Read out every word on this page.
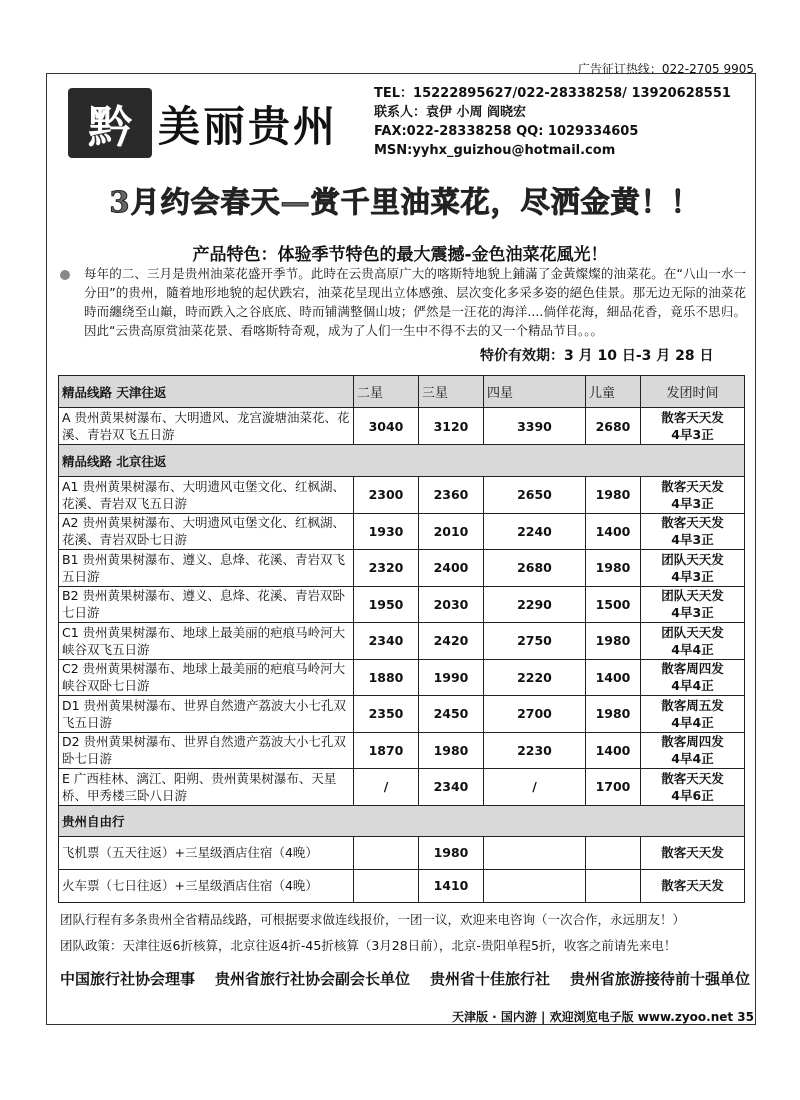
广告征订热线：022-2705 9905
黔 美丽贵州
TEL：15222895627/022-28338258/ 13920628551
联系人：袁伊 小周 阎晓宏
FAX:022-28338258 QQ: 1029334605
MSN:yyhx_guizhou@hotmail.com
3月约会春天—赏千里油菜花，尽洒金黄！！
产品特色：体验季节特色的最大震撼-金色油菜花風光！
每年的二、三月是贵州油菜花盛开季节。此時在云贵高原广大的喀斯特地貌上鋪滿了金黃燦燦的油菜花。在“八山一水一分田”的贵州，隨着地形地貌的起伏跌宕，油菜花呈现出立体感強、层次变化多采多姿的絕色佳景。那无边无际的油菜花時而纏绕至山巔，時而跌入之谷底底、時而铺满整個山坡；俨然是一汪花的海洋....倘佯花海，細品花香，竟乐不思归。因此“云贵高原赏油菜花景、看喀斯特奇观，成为了人们一生中不得不去的又一个精品节目。。。
特价有效期：3 月 10 日-3 月 28 日
精品线路 天津往返	二星	三星	四星	儿童	发团时间
A 贵州黄果树瀑布、大明遗风、龙宫漩塘油菜花、花溪、青岩双飞五日游	3040	3120	3390	2680	散客天天发
4早3正

精品线路 北京往返					
A1 贵州黄果树瀑布、大明遗风屯堡文化、红枫湖、花溪、青岩双飞五日游	2300	2360	2650	1980	散客天天发
4早3正

A2 贵州黄果树瀑布、大明遗风屯堡文化、红枫湖、花溪、青岩双卧七日游	1930	2010	2240	1400	散客天天发
4早3正

B1 贵州黄果树瀑布、遵义、息烽、花溪、青岩双飞五日游	2320	2400	2680	1980	团队天天发
4早3正

B2 贵州黄果树瀑布、遵义、息烽、花溪、青岩双卧七日游	1950	2030	2290	1500	团队天天发
4早3正

C1 贵州黄果树瀑布、地球上最美丽的疤痕马岭河大峡谷双飞五日游	2340	2420	2750	1980	团队天天发
4早4正

C2 贵州黄果树瀑布、地球上最美丽的疤痕马岭河大峡谷双卧七日游	1880	1990	2220	1400	散客周四发
4早4正

D1 贵州黄果树瀑布、世界自然遗产荔波大小七孔双飞五日游	2350	2450	2700	1980	散客周五发
4早4正

D2 贵州黄果树瀑布、世界自然遗产荔波大小七孔双卧七日游	1870	1980	2230	1400	散客周四发
4早4正

E 广西桂林、漓江、阳朔、贵州黄果树瀑布、天星桥、甲秀楼三卧八日游	/	2340	/	1700	散客天天发
4早6正

贵州自由行					
飞机票（五天往返）+三星级酒店住宿（4晚）		1980			散客天天发
火车票（七日往返）+三星级酒店住宿（4晚）		1410			散客天天发
团队行程有多条贵州全省精品线路，可根据要求做连线报价，一团一议，欢迎来电咨询（一次合作，永远朋友！）
团队政策：天津往返6折核算，北京往返4折-45折核算（3月28日前），北京-贵阳单程5折，收客之前请先来电！
中国旅行社协会理事 贵州省旅行社协会副会长单位 贵州省十佳旅行社 贵州省旅游接待前十强单位
天津版 · 国内游 | 欢迎浏览电子版 www.zyoo.net 35
